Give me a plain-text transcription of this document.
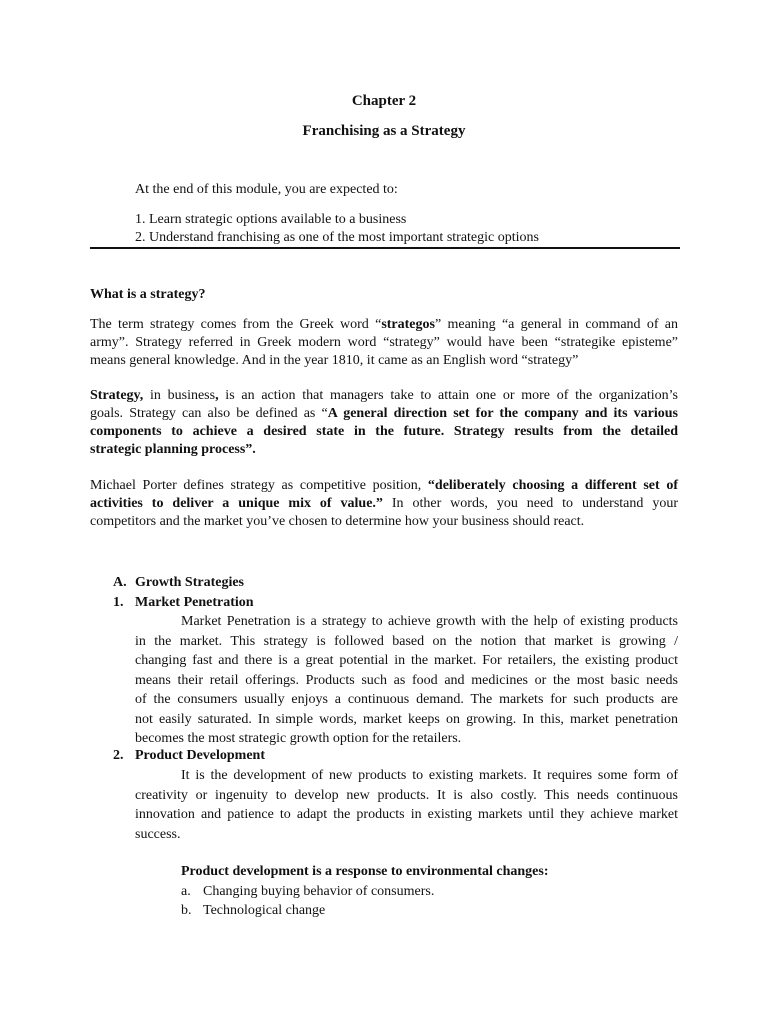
Chapter 2
Franchising as a Strategy
At the end of this module, you are expected to:
1. Learn strategic options available to a business
2. Understand franchising as one of the most important strategic options
What is a strategy?
The term strategy comes from the Greek word “strategos” meaning “a general in command of an
army”. Strategy referred in Greek modern word “strategy” would have been “strategike episteme”
means general knowledge. And in the year 1810, it came as an English word “strategy”
Strategy, in business, is an action that managers take to attain one or more of the organization’s
goals. Strategy can also be defined as “A general direction set for the company and its various
components to achieve a desired state in the future. Strategy results from the detailed
strategic planning process”.
Michael Porter defines strategy as competitive position, “deliberately choosing a different set of
activities to deliver a unique mix of value.” In other words, you need to understand your
competitors and the market you’ve chosen to determine how your business should react.
A. Growth Strategies
1. Market Penetration
Market Penetration is a strategy to achieve growth with the help of existing products
in the market. This strategy is followed based on the notion that market is growing /
changing fast and there is a great potential in the market. For retailers, the existing product
means their retail offerings. Products such as food and medicines or the most basic needs
of the consumers usually enjoys a continuous demand. The markets for such products are
not easily saturated. In simple words, market keeps on growing. In this, market penetration
becomes the most strategic growth option for the retailers.
2. Product Development
It is the development of new products to existing markets. It requires some form of
creativity or ingenuity to develop new products. It is also costly. This needs continuous
innovation and patience to adapt the products in existing markets until they achieve market
success.
Product development is a response to environmental changes:
a. Changing buying behavior of consumers.
b. Technological change
